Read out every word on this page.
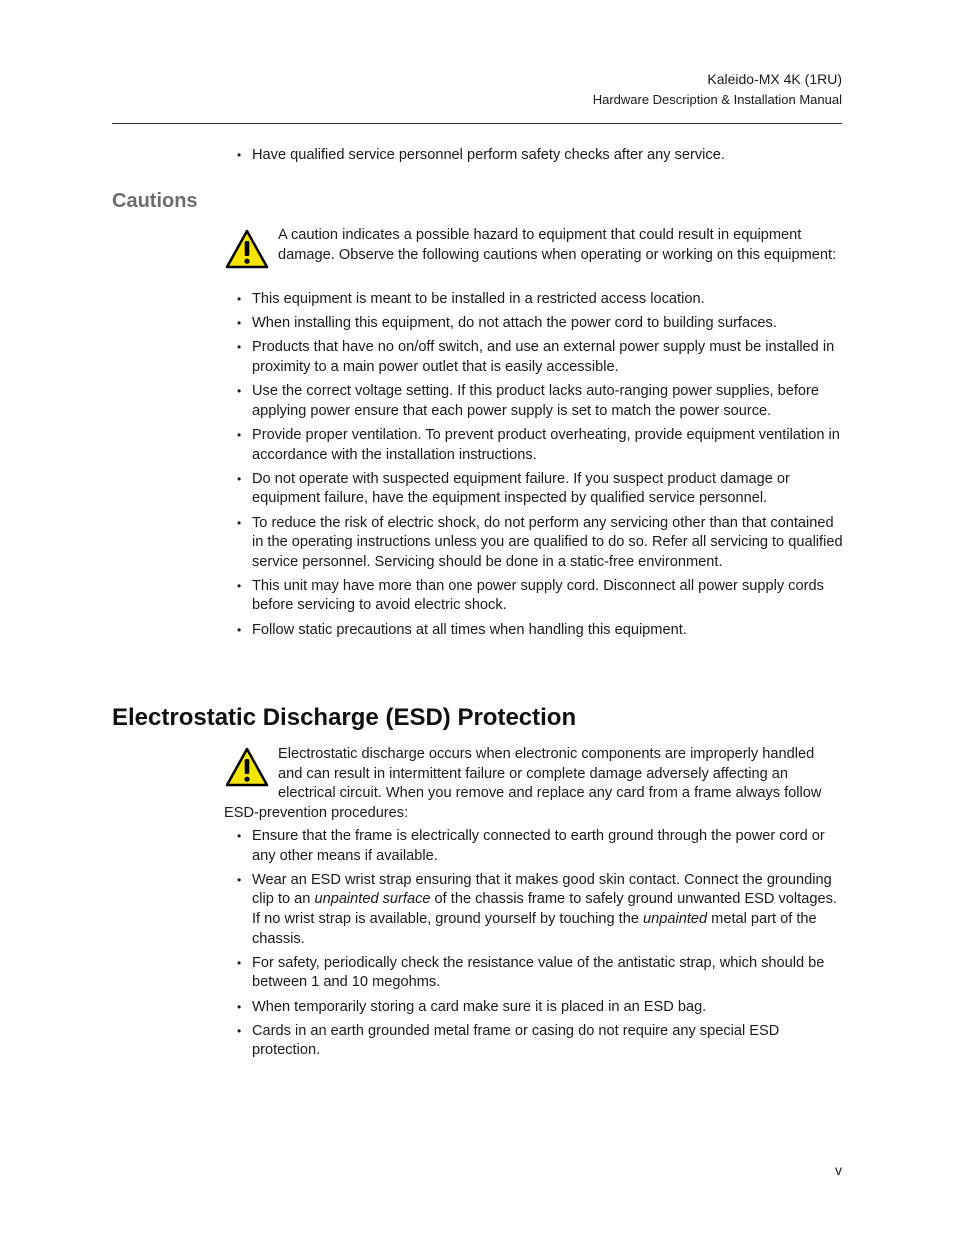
Kaleido-MX 4K (1RU)
Hardware Description & Installation Manual
• Have qualified service personnel perform safety checks after any service.
Cautions

A caution indicates a possible hazard to equipment that could result in equipment damage. Observe the following cautions when operating or working on this equipment:

• This equipment is meant to be installed in a restricted access location.
• When installing this equipment, do not attach the power cord to building surfaces.
• Products that have no on/off switch, and use an external power supply must be installed in proximity to a main power outlet that is easily accessible.
• Use the correct voltage setting. If this product lacks auto-ranging power supplies, before applying power ensure that each power supply is set to match the power source.
• Provide proper ventilation. To prevent product overheating, provide equipment ventilation in accordance with the installation instructions.
• Do not operate with suspected equipment failure. If you suspect product damage or equipment failure, have the equipment inspected by qualified service personnel.
• To reduce the risk of electric shock, do not perform any servicing other than that contained in the operating instructions unless you are qualified to do so. Refer all servicing to qualified service personnel. Servicing should be done in a static-free environment.
• This unit may have more than one power supply cord. Disconnect all power supply cords before servicing to avoid electric shock.
• Follow static precautions at all times when handling this equipment.
Electrostatic Discharge (ESD) Protection

Electrostatic discharge occurs when electronic components are improperly handled and can result in intermittent failure or complete damage adversely affecting an electrical circuit. When you remove and replace any card from a frame always follow ESD-prevention procedures:

• Ensure that the frame is electrically connected to earth ground through the power cord or any other means if available.
• Wear an ESD wrist strap ensuring that it makes good skin contact. Connect the grounding clip to an unpainted surface of the chassis frame to safely ground unwanted ESD voltages. If no wrist strap is available, ground yourself by touching the unpainted metal part of the chassis.
• For safety, periodically check the resistance value of the antistatic strap, which should be between 1 and 10 megohms.
• When temporarily storing a card make sure it is placed in an ESD bag.
• Cards in an earth grounded metal frame or casing do not require any special ESD protection.
v
